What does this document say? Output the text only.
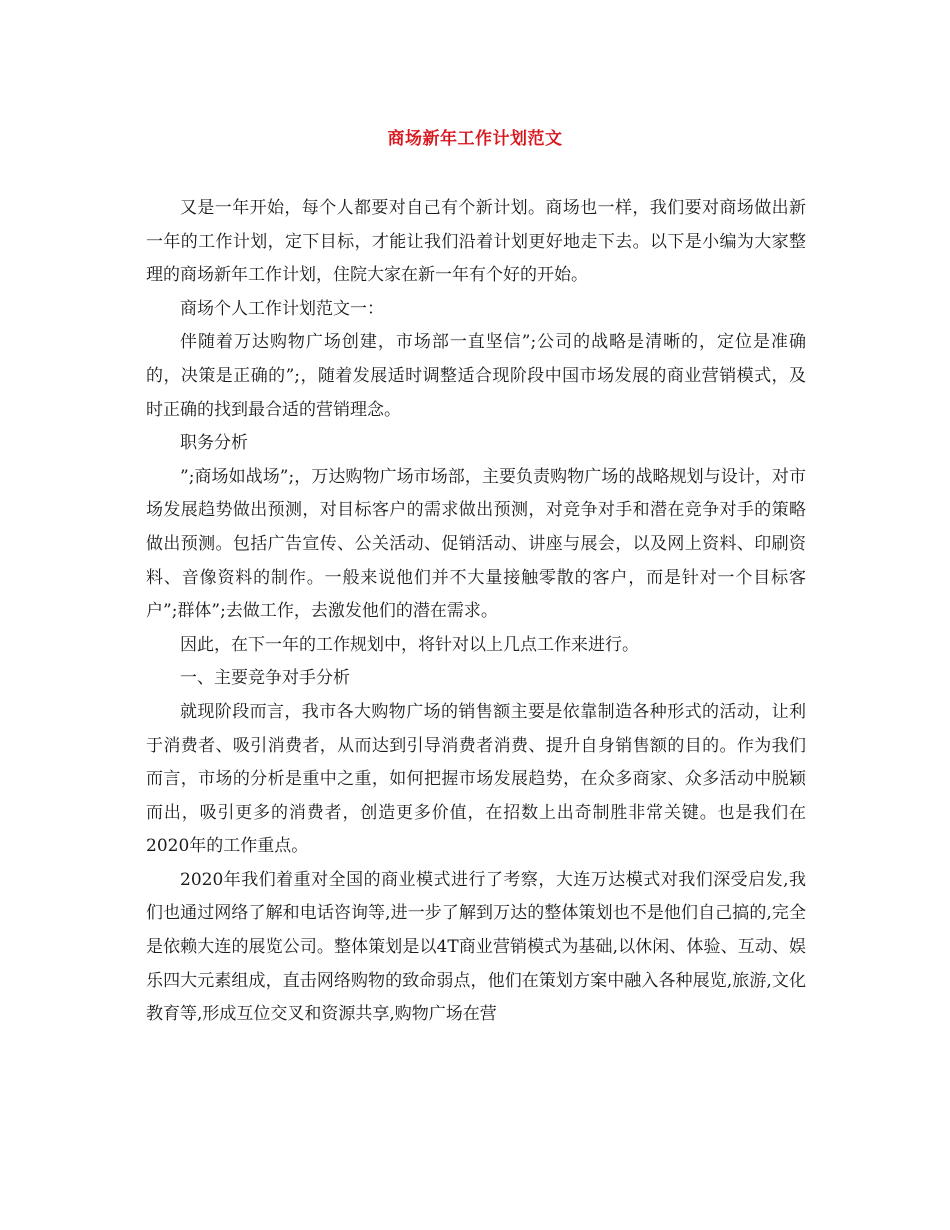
商场新年工作计划范文

又是一年开始，每个人都要对自己有个新计划。商场也一样，我们要对商场做出新一年的工作计划，定下目标，才能让我们沿着计划更好地走下去。以下是小编为大家整理的商场新年工作计划，住院大家在新一年有个好的开始。

商场个人工作计划范文一：

伴随着万达购物广场创建，市场部一直坚信”;公司的战略是清晰的，定位是准确的，决策是正确的”;，随着发展适时调整适合现阶段中国市场发展的商业营销模式，及时正确的找到最合适的营销理念。

职务分析

”;商场如战场”;，万达购物广场市场部，主要负责购物广场的战略规划与设计，对市场发展趋势做出预测，对目标客户的需求做出预测，对竞争对手和潜在竞争对手的策略做出预测。包括广告宣传、公关活动、促销活动、讲座与展会，以及网上资料、印刷资料、音像资料的制作。一般来说他们并不大量接触零散的客户，而是针对一个目标客户”;群体”;去做工作，去激发他们的潜在需求。

因此，在下一年的工作规划中，将针对以上几点工作来进行。

一、主要竞争对手分析

就现阶段而言，我市各大购物广场的销售额主要是依靠制造各种形式的活动，让利于消费者、吸引消费者，从而达到引导消费者消费、提升自身销售额的目的。作为我们而言，市场的分析是重中之重，如何把握市场发展趋势，在众多商家、众多活动中脱颖而出，吸引更多的消费者，创造更多价值，在招数上出奇制胜非常关键。也是我们在2020年的工作重点。

2020年我们着重对全国的商业模式进行了考察，大连万达模式对我们深受启发,我们也通过网络了解和电话咨询等,进一步了解到万达的整体策划也不是他们自己搞的,完全是依赖大连的展览公司。整体策划是以4T商业营销模式为基础,以休闲、体验、互动、娱乐四大元素组成，直击网络购物的致命弱点，他们在策划方案中融入各种展览,旅游,文化教育等,形成互位交叉和资源共享,购物广场在营
